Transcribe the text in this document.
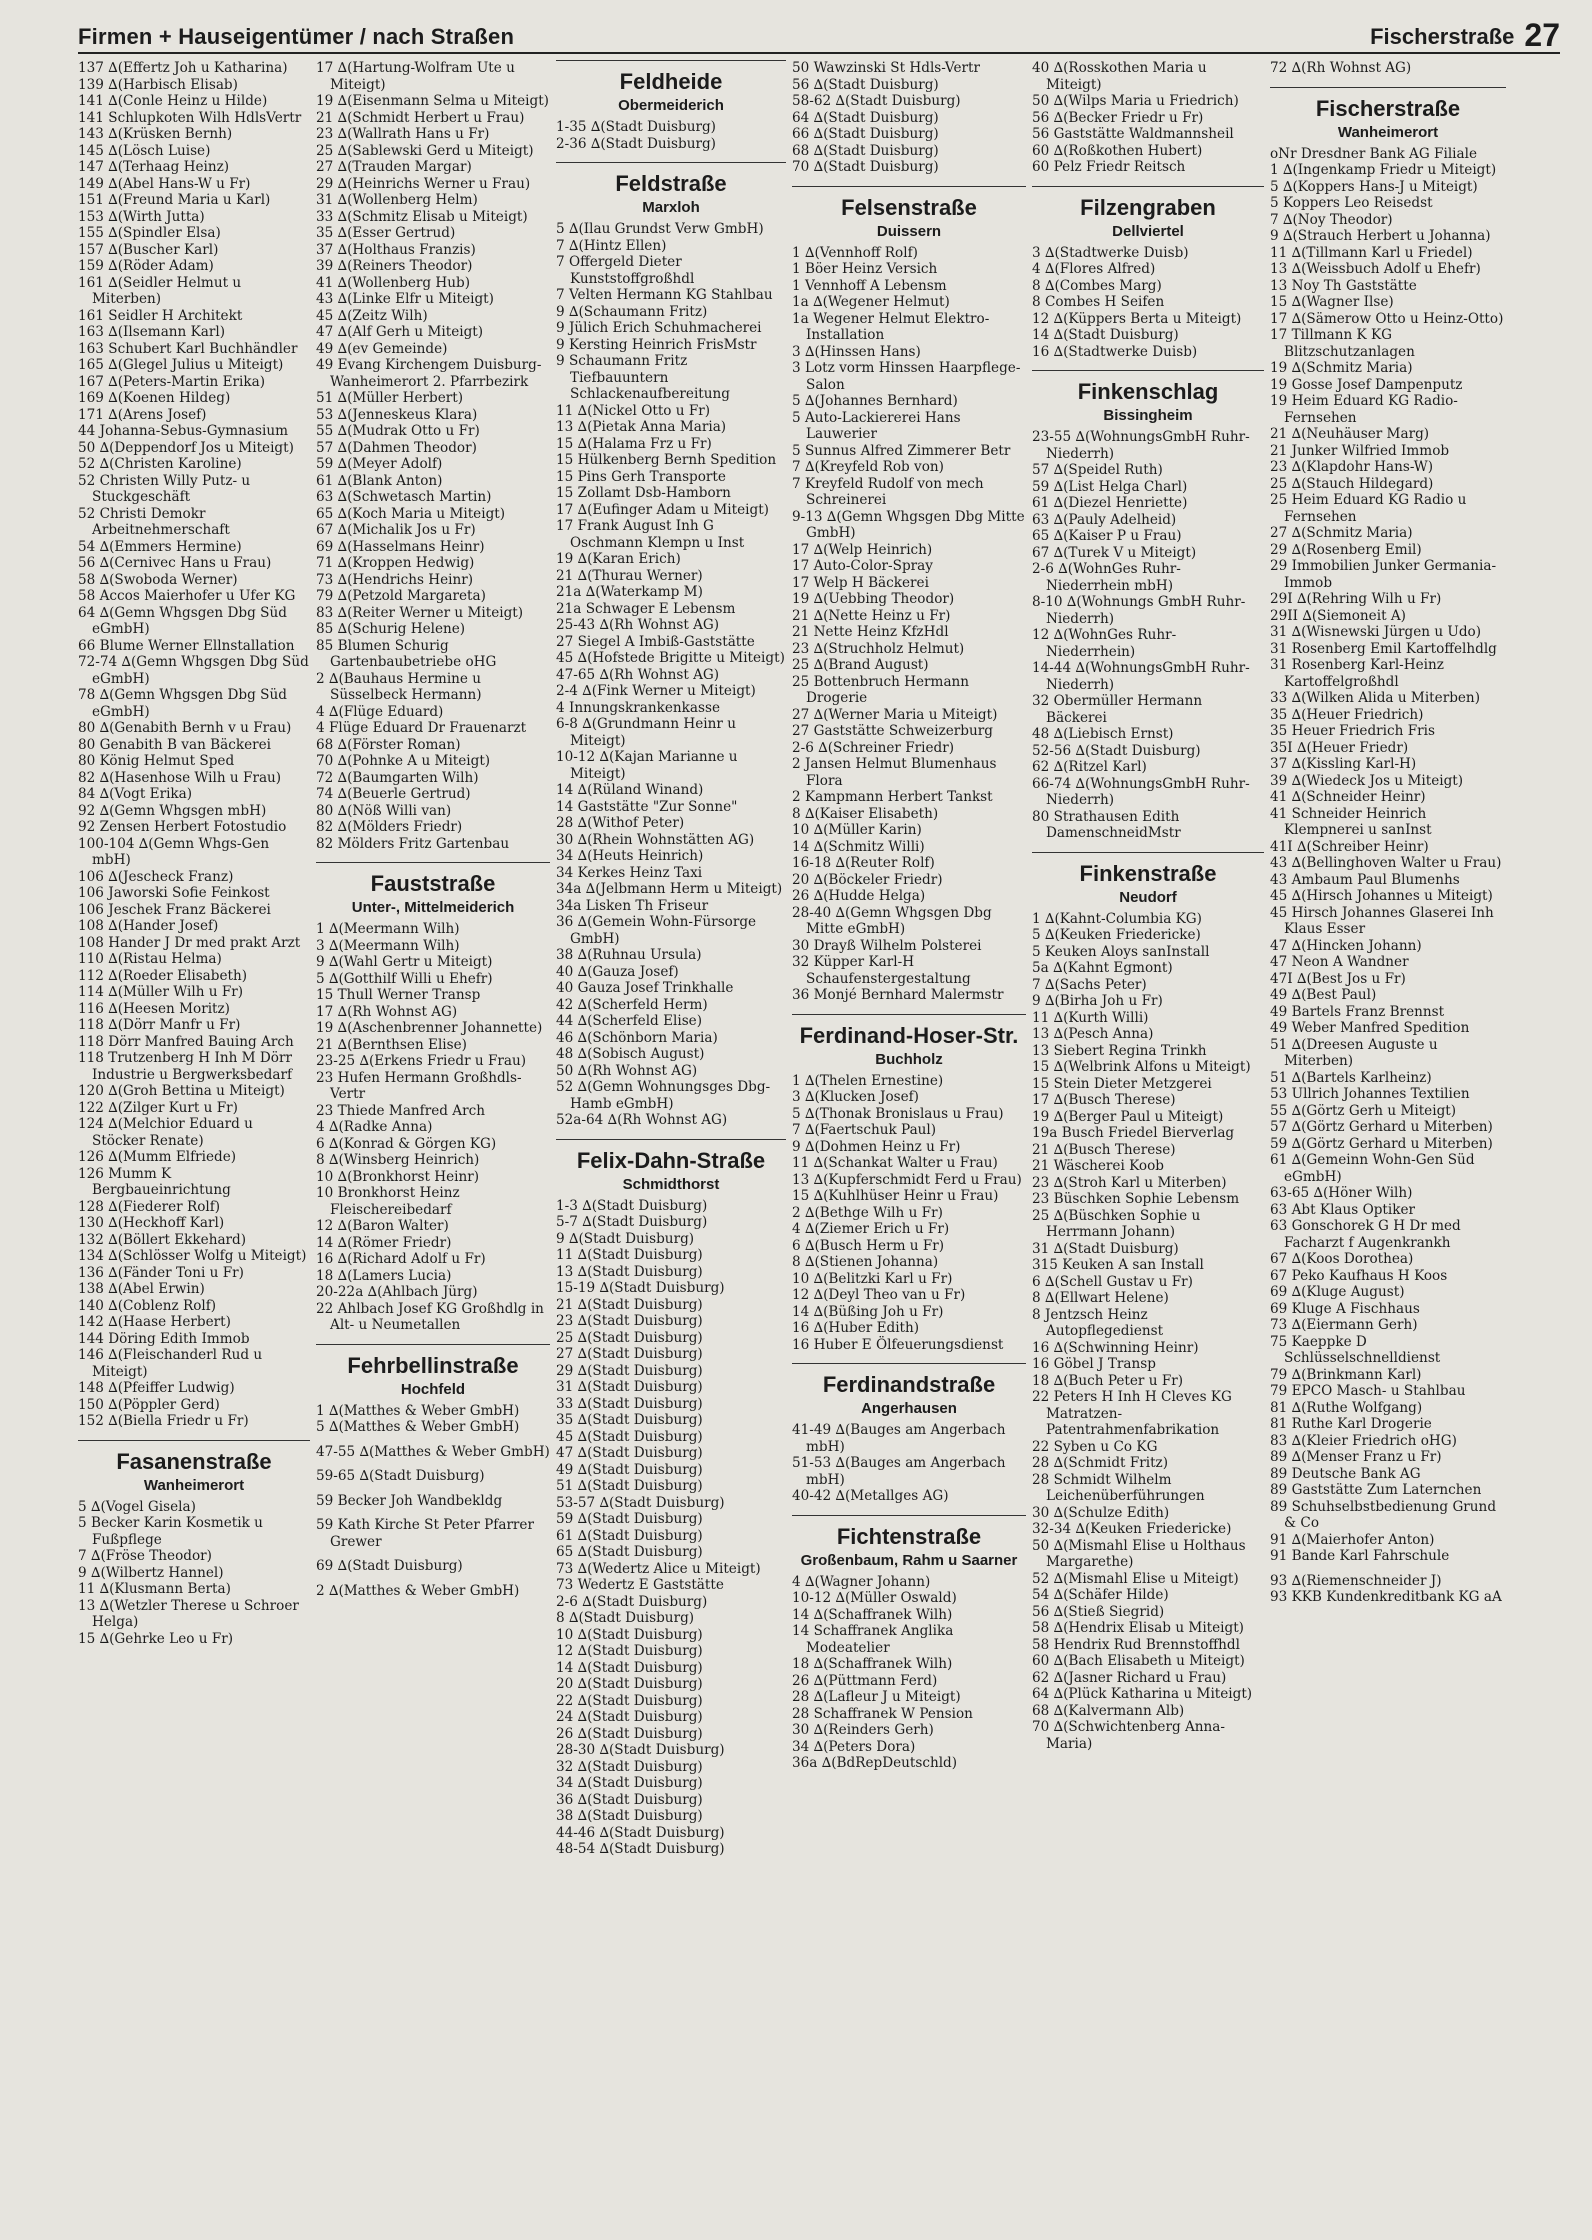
Firmen + Hauseigentümer / nach Straßen	Fischerstraße 27
137 ∆(Effertz Joh u Katharina)
139 ∆(Harbisch Elisab)
141 ∆(Conle Heinz u Hilde)
141 Schlupkoten Wilh HdlsVertr
143 ∆(Krüsken Bernh)
145 ∆(Lösch Luise)
147 ∆(Terhaag Heinz)
149 ∆(Abel Hans-W u Fr)
151 ∆(Freund Maria u Karl)
153 ∆(Wirth Jutta)
155 ∆(Spindler Elsa)
157 ∆(Buscher Karl)
159 ∆(Röder Adam)
161 ∆(Seidler Helmut u Miterben)
161 Seidler H Architekt
163 ∆(Ilsemann Karl)
163 Schubert Karl Buchhändler
165 ∆(Glegel Julius u Miteigt)
167 ∆(Peters-Martin Erika)
169 ∆(Koenen Hildeg)
171 ∆(Arens Josef)
44 Johanna-Sebus-Gymnasium
50 ∆(Deppendorf Jos u Miteigt)
52 ∆(Christen Karoline)
52 Christen Willy Putz- u Stuckgeschäft
52 Christi Demokr Arbeitnehmerschaft
54 ∆(Emmers Hermine)
56 ∆(Cernivec Hans u Frau)
58 ∆(Swoboda Werner)
58 Accos Maierhofer u Ufer KG
64 ∆(Gemn Whgsgen Dbg Süd eGmbH)
66 Blume Werner Ellnstallation
72-74 ∆(Gemn Whgsgen Dbg Süd eGmbH)
78 ∆(Gemn Whgsgen Dbg Süd eGmbH)
80 ∆(Genabith Bernh v u Frau)
80 Genabith B van Bäckerei
80 König Helmut Sped
82 ∆(Hasenhose Wilh u Frau)
84 ∆(Vogt Erika)
92 ∆(Gemn Whgsgen mbH)
92 Zensen Herbert Fotostudio
100-104 ∆(Gemn Whgs-Gen mbH)
106 ∆(Jescheck Franz)
106 Jaworski Sofie Feinkost
106 Jeschek Franz Bäckerei
108 ∆(Hander Josef)
108 Hander J Dr med prakt Arzt
110 ∆(Ristau Helma)
112 ∆(Roeder Elisabeth)
114 ∆(Müller Wilh u Fr)
116 ∆(Heesen Moritz)
118 ∆(Dörr Manfr u Fr)
118 Dörr Manfred Bauing Arch
118 Trutzenberg H Inh M Dörr Industrie u Bergwerksbedarf
120 ∆(Groh Bettina u Miteigt)
122 ∆(Zilger Kurt u Fr)
124 ∆(Melchior Eduard u Stöcker Renate)
126 ∆(Mumm Elfriede)
126 Mumm K Bergbaueinrichtung
128 ∆(Fiederer Rolf)
130 ∆(Heckhoff Karl)
132 ∆(Böllert Ekkehard)
134 ∆(Schlösser Wolfg u Miteigt)
136 ∆(Fänder Toni u Fr)
138 ∆(Abel Erwin)
140 ∆(Coblenz Rolf)
142 ∆(Haase Herbert)
144 Döring Edith Immob
146 ∆(Fleischanderl Rud u Miteigt)
148 ∆(Pfeiffer Ludwig)
150 ∆(Pöppler Gerd)
152 ∆(Biella Friedr u Fr)
Fasanenstraße
Wanheimerort
5 ∆(Vogel Gisela)
5 Becker Karin Kosmetik u Fußpflege
7 ∆(Fröse Theodor)
9 ∆(Wilbertz Hannel)
11 ∆(Klusmann Berta)
13 ∆(Wetzler Therese u Schroer Helga)
15 ∆(Gehrke Leo u Fr)
17 ∆(Hartung-Wolfram Ute u Miteigt)
19 ∆(Eisenmann Selma u Miteigt)
21 ∆(Schmidt Herbert u Frau)
23 ∆(Wallrath Hans u Fr)
25 ∆(Sablewski Gerd u Miteigt)
27 ∆(Trauden Margar)
29 ∆(Heinrichs Werner u Frau)
31 ∆(Wollenberg Helm)
33 ∆(Schmitz Elisab u Miteigt)
35 ∆(Esser Gertrud)
37 ∆(Holthaus Franzis)
39 ∆(Reiners Theodor)
41 ∆(Wollenberg Hub)
43 ∆(Linke Elfr u Miteigt)
45 ∆(Zeitz Wilh)
47 ∆(Alf Gerh u Miteigt)
49 ∆(ev Gemeinde)
49 Evang Kirchengem Duisburg-Wanheimerort 2. Pfarrbezirk
51 ∆(Müller Herbert)
53 ∆(Jenneskeus Klara)
55 ∆(Mudrak Otto u Fr)
57 ∆(Dahmen Theodor)
59 ∆(Meyer Adolf)
61 ∆(Blank Anton)
63 ∆(Schwetasch Martin)
65 ∆(Koch Maria u Miteigt)
67 ∆(Michalik Jos u Fr)
69 ∆(Hasselmans Heinr)
71 ∆(Kroppen Hedwig)
73 ∆(Hendrichs Heinr)
79 ∆(Petzold Margareta)
83 ∆(Reiter Werner u Miteigt)
85 ∆(Schurig Helene)
85 Blumen Schurig Gartenbaubetriebe oHG
2 ∆(Bauhaus Hermine u Süsselbeck Hermann)
4 ∆(Flüge Eduard)
4 Flüge Eduard Dr Frauenarzt
68 ∆(Förster Roman)
70 ∆(Pohnke A u Miteigt)
72 ∆(Baumgarten Wilh)
74 ∆(Beuerle Gertrud)
80 ∆(Nöß Willi van)
82 ∆(Mölders Friedr)
82 Mölders Fritz Gartenbau
Fauststraße
Unter-, Mittelmeiderich
1 ∆(Meermann Wilh)
3 ∆(Meermann Wilh)
9 ∆(Wahl Gertr u Miteigt)
5 ∆(Gotthilf Willi u Ehefr)
15 Thull Werner Transp
17 ∆(Rh Wohnst AG)
19 ∆(Aschenbrenner Johannette)
21 ∆(Bernthsen Elise)
23-25 ∆(Erkens Friedr u Frau)
23 Hufen Hermann Großhdls-Vertr
23 Thiede Manfred Arch
4 ∆(Radke Anna)
6 ∆(Konrad & Görgen KG)
8 ∆(Winsberg Heinrich)
10 ∆(Bronkhorst Heinr)
10 Bronkhorst Heinz Fleischereibedarf
12 ∆(Baron Walter)
14 ∆(Römer Friedr)
16 ∆(Richard Adolf u Fr)
18 ∆(Lamers Lucia)
20-22a ∆(Ahlbach Jürg)
22 Ahlbach Josef KG Großhdlg in Alt- u Neumetallen
Fehrbellinstraße
Hochfeld
1 ∆(Matthes & Weber GmbH)
5 ∆(Matthes & Weber GmbH)
47-55 ∆(Matthes & Weber GmbH)
59-65 ∆(Stadt Duisburg)
59 Becker Joh Wandbekldg
59 Kath Kirche St Peter Pfarrer Grewer
69 ∆(Stadt Duisburg)
2 ∆(Matthes & Weber GmbH)
Feldheide
Obermeiderich
1-35 ∆(Stadt Duisburg)
2-36 ∆(Stadt Duisburg)
Feldstraße
Marxloh
5 ∆(Ilau Grundst Verw GmbH)
7 ∆(Hintz Ellen)
7 Offergeld Dieter Kunststoffgroßhdl
7 Velten Hermann KG Stahlbau
9 ∆(Schaumann Fritz)
9 Jülich Erich Schuhmacherei
9 Kersting Heinrich FrisMstr
9 Schaumann Fritz Tiefbauuntern Schlackenaufbereitung
11 ∆(Nickel Otto u Fr)
13 ∆(Pietak Anna Maria)
15 ∆(Halama Frz u Fr)
15 Hülkenberg Bernh Spedition
15 Pins Gerh Transporte
15 Zollamt Dsb-Hamborn
17 ∆(Eufinger Adam u Miteigt)
17 Frank August Inh G Oschmann Klempn u Inst
19 ∆(Karan Erich)
21 ∆(Thurau Werner)
21a ∆(Waterkamp M)
21a Schwager E Lebensm
25-43 ∆(Rh Wohnst AG)
27 Siegel A Imbiß-Gaststätte
45 ∆(Hofstede Brigitte u Miteigt)
47-65 ∆(Rh Wohnst AG)
2-4 ∆(Fink Werner u Miteigt)
4 Innungskrankenkasse
6-8 ∆(Grundmann Heinr u Miteigt)
10-12 ∆(Kajan Marianne u Miteigt)
14 ∆(Rüland Winand)
14 Gaststätte "Zur Sonne"
28 ∆(Withof Peter)
30 ∆(Rhein Wohnstätten AG)
34 ∆(Heuts Heinrich)
34 Kerkes Heinz Taxi
34a ∆(Jelbmann Herm u Miteigt)
34a Lisken Th Friseur
36 ∆(Gemein Wohn-Fürsorge GmbH)
38 ∆(Ruhnau Ursula)
40 ∆(Gauza Josef)
40 Gauza Josef Trinkhalle
42 ∆(Scherfeld Herm)
44 ∆(Scherfeld Elise)
46 ∆(Schönborn Maria)
48 ∆(Sobisch August)
50 ∆(Rh Wohnst AG)
52 ∆(Gemn Wohnungsges Dbg-Hamb eGmbH)
52a-64 ∆(Rh Wohnst AG)
Felix-Dahn-Straße
Schmidthorst
1-3 ∆(Stadt Duisburg)
5-7 ∆(Stadt Duisburg)
9 ∆(Stadt Duisburg)
11 ∆(Stadt Duisburg)
13 ∆(Stadt Duisburg)
15-19 ∆(Stadt Duisburg)
21 ∆(Stadt Duisburg)
23 ∆(Stadt Duisburg)
25 ∆(Stadt Duisburg)
27 ∆(Stadt Duisburg)
29 ∆(Stadt Duisburg)
31 ∆(Stadt Duisburg)
33 ∆(Stadt Duisburg)
35 ∆(Stadt Duisburg)
45 ∆(Stadt Duisburg)
47 ∆(Stadt Duisburg)
49 ∆(Stadt Duisburg)
51 ∆(Stadt Duisburg)
53-57 ∆(Stadt Duisburg)
59 ∆(Stadt Duisburg)
61 ∆(Stadt Duisburg)
65 ∆(Stadt Duisburg)
73 ∆(Wedertz Alice u Miteigt)
73 Wedertz E Gaststätte
2-6 ∆(Stadt Duisburg)
8 ∆(Stadt Duisburg)
10 ∆(Stadt Duisburg)
12 ∆(Stadt Duisburg)
14 ∆(Stadt Duisburg)
20 ∆(Stadt Duisburg)
22 ∆(Stadt Duisburg)
24 ∆(Stadt Duisburg)
26 ∆(Stadt Duisburg)
28-30 ∆(Stadt Duisburg)
32 ∆(Stadt Duisburg)
34 ∆(Stadt Duisburg)
36 ∆(Stadt Duisburg)
38 ∆(Stadt Duisburg)
44-46 ∆(Stadt Duisburg)
48-54 ∆(Stadt Duisburg)
50 Wawzinski St Hdls-Vertr
56 ∆(Stadt Duisburg)
58-62 ∆(Stadt Duisburg)
64 ∆(Stadt Duisburg)
66 ∆(Stadt Duisburg)
68 ∆(Stadt Duisburg)
70 ∆(Stadt Duisburg)
Felsenstraße
Duissern
1 ∆(Vennhoff Rolf)
1 Böer Heinz Versich
1 Vennhoff A Lebensm
1a ∆(Wegener Helmut)
1a Wegener Helmut Elektro-Installation
3 ∆(Hinssen Hans)
3 Lotz vorm Hinssen Haarpflege-Salon
5 ∆(Johannes Bernhard)
5 Auto-Lackiererei Hans Lauwerier
5 Sunnus Alfred Zimmerer Betr
7 ∆(Kreyfeld Rob von)
7 Kreyfeld Rudolf von mech Schreinerei
9-13 ∆(Gemn Whgsgen Dbg Mitte GmbH)
17 ∆(Welp Heinrich)
17 Auto-Color-Spray
17 Welp H Bäckerei
19 ∆(Uebbing Theodor)
21 ∆(Nette Heinz u Fr)
21 Nette Heinz KfzHdl
23 ∆(Struchholz Helmut)
25 ∆(Brand August)
25 Bottenbruch Hermann Drogerie
27 ∆(Werner Maria u Miteigt)
27 Gaststätte Schweizerburg
2-6 ∆(Schreiner Friedr)
2 Jansen Helmut Blumenhaus Flora
2 Kampmann Herbert Tankst
8 ∆(Kaiser Elisabeth)
10 ∆(Müller Karin)
14 ∆(Schmitz Willi)
16-18 ∆(Reuter Rolf)
20 ∆(Böckeler Friedr)
26 ∆(Hudde Helga)
28-40 ∆(Gemn Whgsgen Dbg Mitte eGmbH)
30 Drayß Wilhelm Polsterei
32 Küpper Karl-H Schaufenstergestaltung
36 Monjé Bernhard Malermstr
Ferdinand-Hoser-Str.
Buchholz
1 ∆(Thelen Ernestine)
3 ∆(Klucken Josef)
5 ∆(Thonak Bronislaus u Frau)
7 ∆(Faertschuk Paul)
9 ∆(Dohmen Heinz u Fr)
11 ∆(Schankat Walter u Frau)
13 ∆(Kupferschmidt Ferd u Frau)
15 ∆(Kuhlhüser Heinr u Frau)
2 ∆(Bethge Wilh u Fr)
4 ∆(Ziemer Erich u Fr)
6 ∆(Busch Herm u Fr)
8 ∆(Stienen Johanna)
10 ∆(Belitzki Karl u Fr)
12 ∆(Deyl Theo van u Fr)
14 ∆(Büßing Joh u Fr)
16 ∆(Huber Edith)
16 Huber E Ölfeuerungsdienst
Ferdinandstraße
Angerhausen
41-49 ∆(Bauges am Angerbach mbH)
51-53 ∆(Bauges am Angerbach mbH)
40-42 ∆(Metallges AG)
Fichtenstraße
Großenbaum, Rahm u Saarner
4 ∆(Wagner Johann)
10-12 ∆(Müller Oswald)
14 ∆(Schaffranek Wilh)
14 Schaffranek Anglika Modeatelier
18 ∆(Schaffranek Wilh)
26 ∆(Püttmann Ferd)
28 ∆(Lafleur J u Miteigt)
28 Schaffranek W Pension
30 ∆(Reinders Gerh)
34 ∆(Peters Dora)
36a ∆(BdRepDeutschld)
40 ∆(Rosskothen Maria u Miteigt)
50 ∆(Wilps Maria u Friedrich)
56 ∆(Becker Friedr u Fr)
56 Gaststätte Waldmannsheil
60 ∆(Roßkothen Hubert)
60 Pelz Friedr Reitsch
Filzengraben
Dellviertel
3 ∆(Stadtwerke Duisb)
4 ∆(Flores Alfred)
8 ∆(Combes Marg)
8 Combes H Seifen
12 ∆(Küppers Berta u Miteigt)
14 ∆(Stadt Duisburg)
16 ∆(Stadtwerke Duisb)
Finkenschlag
Bissingheim
23-55 ∆(WohnungsGmbH Ruhr-Niederrh)
57 ∆(Speidel Ruth)
59 ∆(List Helga Charl)
61 ∆(Diezel Henriette)
63 ∆(Pauly Adelheid)
65 ∆(Kaiser P u Frau)
67 ∆(Turek V u Miteigt)
2-6 ∆(WohnGes Ruhr-Niederrhein mbH)
8-10 ∆(Wohnungs GmbH Ruhr-Niederrh)
12 ∆(WohnGes Ruhr-Niederrhein)
14-44 ∆(WohnungsGmbH Ruhr-Niederrh)
32 Obermüller Hermann Bäckerei
48 ∆(Liebisch Ernst)
52-56 ∆(Stadt Duisburg)
62 ∆(Ritzel Karl)
66-74 ∆(WohnungsGmbH Ruhr-Niederrh)
80 Strathausen Edith DamenschneidMstr
Finkenstraße
Neudorf
1 ∆(Kahnt-Columbia KG)
5 ∆(Keuken Friedericke)
5 Keuken Aloys sanInstall
5a ∆(Kahnt Egmont)
7 ∆(Sachs Peter)
9 ∆(Birha Joh u Fr)
11 ∆(Kurth Willi)
13 ∆(Pesch Anna)
13 Siebert Regina Trinkh
15 ∆(Welbrink Alfons u Miteigt)
15 Stein Dieter Metzgerei
17 ∆(Busch Therese)
19 ∆(Berger Paul u Miteigt)
19a Busch Friedel Bierverlag
21 ∆(Busch Therese)
21 Wäscherei Koob
23 ∆(Stroh Karl u Miterben)
23 Büschken Sophie Lebensm
25 ∆(Büschken Sophie u Herrmann Johann)
31 ∆(Stadt Duisburg)
315 Keuken A san Install
6 ∆(Schell Gustav u Fr)
8 ∆(Ellwart Helene)
8 Jentzsch Heinz Autopflegedienst
16 ∆(Schwinning Heinr)
16 Göbel J Transp
18 ∆(Buch Peter u Fr)
22 Peters H Inh H Cleves KG Matratzen-Patentrahmenfabrikation
22 Syben u Co KG
28 ∆(Schmidt Fritz)
28 Schmidt Wilhelm Leichenüberführungen
30 ∆(Schulze Edith)
32-34 ∆(Keuken Friedericke)
50 ∆(Mismahl Elise u Holthaus Margarethe)
52 ∆(Mismahl Elise u Miteigt)
54 ∆(Schäfer Hilde)
56 ∆(Stieß Siegrid)
58 ∆(Hendrix Elisab u Miteigt)
58 Hendrix Rud Brennstoffhdl
60 ∆(Bach Elisabeth u Miteigt)
62 ∆(Jasner Richard u Frau)
64 ∆(Plück Katharina u Miteigt)
68 ∆(Kalvermann Alb)
70 ∆(Schwichtenberg Anna-Maria)
72 ∆(Rh Wohnst AG)
Fischerstraße
Wanheimerort
oNr Dresdner Bank AG Filiale
1 ∆(Ingenkamp Friedr u Miteigt)
5 ∆(Koppers Hans-J u Miteigt)
5 Koppers Leo Reisedst
7 ∆(Noy Theodor)
9 ∆(Strauch Herbert u Johanna)
11 ∆(Tillmann Karl u Friedel)
13 ∆(Weissbuch Adolf u Ehefr)
13 Noy Th Gaststätte
15 ∆(Wagner Ilse)
17 ∆(Sämerow Otto u Heinz-Otto)
17 Tillmann K KG Blitzschutzanlagen
19 ∆(Schmitz Maria)
19 Gosse Josef Dampenputz
19 Heim Eduard KG Radio-Fernsehen
21 ∆(Neuhäuser Marg)
21 Junker Wilfried Immob
23 ∆(Klapdohr Hans-W)
25 ∆(Stauch Hildegard)
25 Heim Eduard KG Radio u Fernsehen
27 ∆(Schmitz Maria)
29 ∆(Rosenberg Emil)
29 Immobilien Junker Germania-Immob
29I ∆(Rehring Wilh u Fr)
29II ∆(Siemoneit A)
31 ∆(Wisnewski Jürgen u Udo)
31 Rosenberg Emil Kartoffelhdlg
31 Rosenberg Karl-Heinz Kartoffelgroßhdl
33 ∆(Wilken Alida u Miterben)
35 ∆(Heuer Friedrich)
35 Heuer Friedrich Fris
35I ∆(Heuer Friedr)
37 ∆(Kissling Karl-H)
39 ∆(Wiedeck Jos u Miteigt)
41 ∆(Schneider Heinr)
41 Schneider Heinrich Klempnerei u sanInst
41I ∆(Schreiber Heinr)
43 ∆(Bellinghoven Walter u Frau)
43 Ambaum Paul Blumenhs
45 ∆(Hirsch Johannes u Miteigt)
45 Hirsch Johannes Glaserei Inh Klaus Esser
47 ∆(Hincken Johann)
47 Neon A Wandner
47I ∆(Best Jos u Fr)
49 ∆(Best Paul)
49 Bartels Franz Brennst
49 Weber Manfred Spedition
51 ∆(Dreesen Auguste u Miterben)
51 ∆(Bartels Karlheinz)
53 Ullrich Johannes Textilien
55 ∆(Görtz Gerh u Miteigt)
57 ∆(Görtz Gerhard u Miterben)
59 ∆(Görtz Gerhard u Miterben)
61 ∆(Gemeinn Wohn-Gen Süd eGmbH)
63-65 ∆(Höner Wilh)
63 Abt Klaus Optiker
63 Gonschorek G H Dr med Facharzt f Augenkrankh
67 ∆(Koos Dorothea)
67 Peko Kaufhaus H Koos
69 ∆(Kluge August)
69 Kluge A Fischhaus
73 ∆(Eiermann Gerh)
75 Kaeppke D Schlüsselschnelldienst
79 ∆(Brinkmann Karl)
79 EPCO Masch- u Stahlbau
81 ∆(Ruthe Wolfgang)
81 Ruthe Karl Drogerie
83 ∆(Kleier Friedrich oHG)
89 ∆(Menser Franz u Fr)
89 Deutsche Bank AG
89 Gaststätte Zum Laternchen
89 Schuhselbstbedienung Grund & Co
91 ∆(Maierhofer Anton)
91 Bande Karl Fahrschule
93 ∆(Riemenschneider J)
93 KKB Kundenkreditbank KG aA
